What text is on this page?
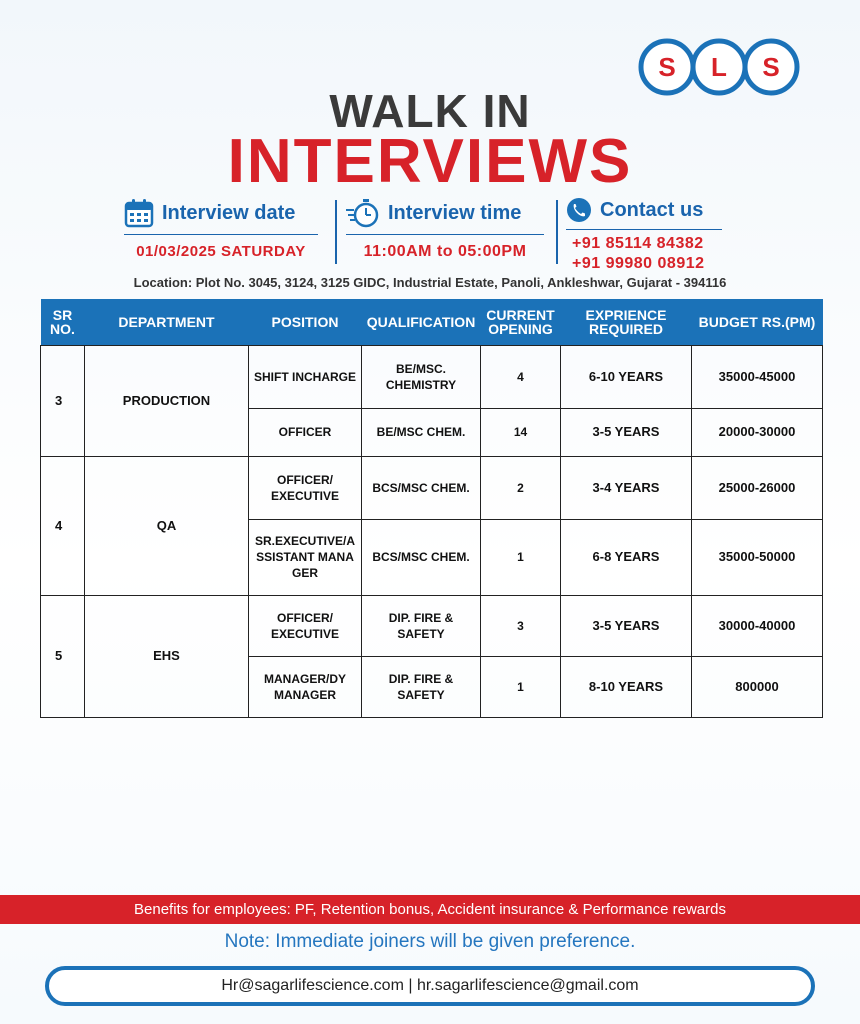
S L S
WALK IN
INTERVIEWS
Interview date
01/03/2025 SATURDAY
Interview time
11:00AM to 05:00PM
Contact us
+91 85114 84382
+91 99980 08912
Location: Plot No. 3045, 3124, 3125 GIDC, Industrial Estate, Panoli, Ankleshwar, Gujarat - 394116
SR NO.	DEPARTMENT	POSITION	QUALIFICATION	CURRENT OPENING	EXPRIENCE REQUIRED	BUDGET RS.(PM)
3	PRODUCTION	SHIFT INCHARGE	BE/MSC. CHEMISTRY	4	6-10 YEARS	35000-45000
		OFFICER	BE/MSC CHEM.	14	3-5 YEARS	20000-30000
4	QA	OFFICER/ EXECUTIVE	BCS/MSC CHEM.	2	3-4 YEARS	25000-26000
		SR.EXECUTIVE/ASSISTANT MANAGER	BCS/MSC CHEM.	1	6-8 YEARS	35000-50000
5	EHS	OFFICER/ EXECUTIVE	DIP. FIRE & SAFETY	3	3-5 YEARS	30000-40000
		MANAGER/DY MANAGER	DIP. FIRE & SAFETY	1	8-10 YEARS	800000
Benefits for employees: PF, Retention bonus, Accident insurance & Performance rewards
Note: Immediate joiners will be given preference.
Hr@sagarlifescience.com | hr.sagarlifescience@gmail.com
